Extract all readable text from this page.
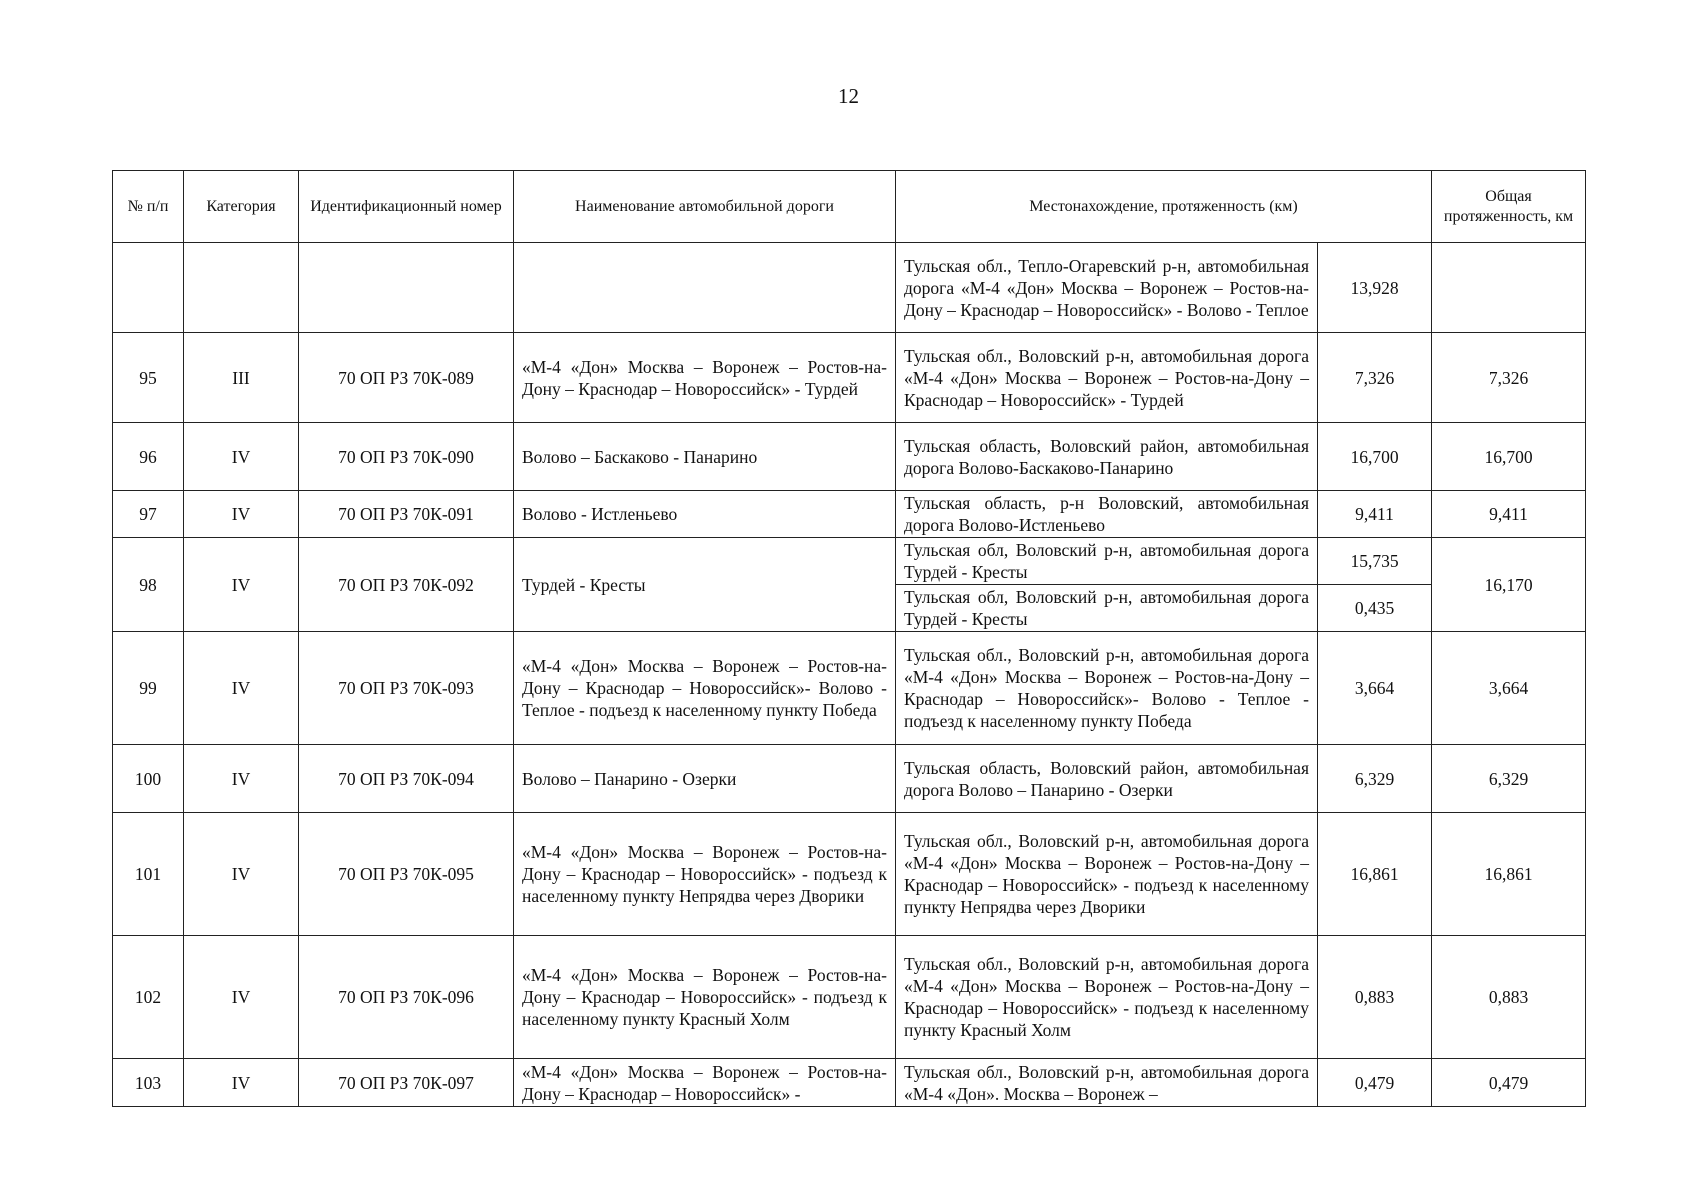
12
№ п/п	Категория	Идентификационный номер	Наименование автомобильной дороги	Местонахождение, протяженность (км)		Общая протяженность, км
				Тульская обл., Тепло-Огаревский р-н, автомобильная дорога «М-4 «Дон» Москва – Воронеж – Ростов-на-Дону – Краснодар – Новороссийск» - Волово - Теплое	13,928	
95	III	70 ОП РЗ 70К-089	«М-4 «Дон» Москва – Воронеж – Ростов-на-Дону – Краснодар – Новороссийск» - Турдей	Тульская обл., Воловский р-н, автомобильная дорога «М-4 «Дон» Москва – Воронеж – Ростов-на-Дону – Краснодар – Новороссийск» - Турдей	7,326	7,326
96	IV	70 ОП РЗ 70К-090	Волово – Баскаково - Панарино	Тульская область, Воловский район, автомобильная дорога Волово-Баскаково-Панарино	16,700	16,700
97	IV	70 ОП РЗ 70К-091	Волово - Истленьево	Тульская область, р-н Воловский, автомобильная дорога Волово-Истленьево	9,411	9,411
98	IV	70 ОП РЗ 70К-092	Турдей - Кресты	Тульская обл, Воловский р-н, автомобильная дорога Турдей - Кресты	15,735	16,170
				Тульская обл, Воловский р-н, автомобильная дорога Турдей - Кресты	0,435	
99	IV	70 ОП РЗ 70К-093	«М-4 «Дон» Москва – Воронеж – Ростов-на-Дону – Краснодар – Новороссийск»- Волово - Теплое - подъезд к населенному пункту Победа	Тульская обл., Воловский р-н, автомобильная дорога «М-4 «Дон» Москва – Воронеж – Ростов-на-Дону – Краснодар – Новороссийск»- Волово - Теплое - подъезд к населенному пункту Победа	3,664	3,664
100	IV	70 ОП РЗ 70К-094	Волово – Панарино - Озерки	Тульская область, Воловский район, автомобильная дорога Волово – Панарино - Озерки	6,329	6,329
101	IV	70 ОП РЗ 70К-095	«М-4 «Дон» Москва – Воронеж – Ростов-на-Дону – Краснодар – Новороссийск» - подъезд к населенному пункту Непрядва через Дворики	Тульская обл., Воловский р-н, автомобильная дорога «М-4 «Дон» Москва – Воронеж – Ростов-на-Дону – Краснодар – Новороссийск» - подъезд к населенному пункту Непрядва через Дворики	16,861	16,861
102	IV	70 ОП РЗ 70К-096	«М-4 «Дон» Москва – Воронеж – Ростов-на-Дону – Краснодар – Новороссийск» - подъезд к населенному пункту Красный Холм	Тульская обл., Воловский р-н, автомобильная дорога «М-4 «Дон» Москва – Воронеж – Ростов-на-Дону – Краснодар – Новороссийск» - подъезд к населенному пункту Красный Холм	0,883	0,883
103	IV	70 ОП РЗ 70К-097	«М-4 «Дон» Москва – Воронеж – Ростов-на-Дону – Краснодар – Новороссийск» -	Тульская обл., Воловский р-н, автомобильная дорога «М-4 «Дон». Москва – Воронеж –	0,479	0,479
